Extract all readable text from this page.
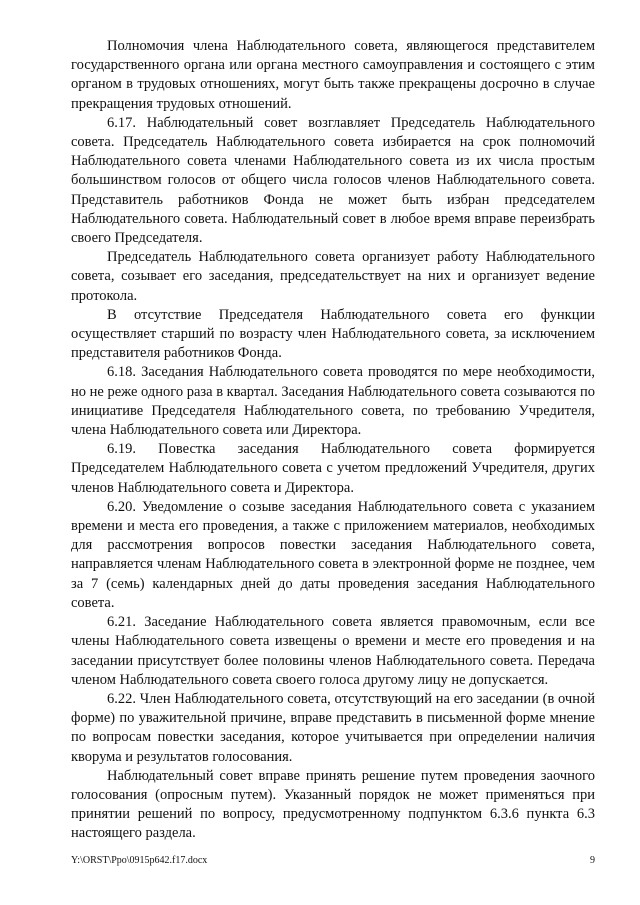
Полномочия члена Наблюдательного совета, являющегося представителем государственного органа или органа местного самоуправления и состоящего с этим органом в трудовых отношениях, могут быть также прекращены досрочно в случае прекращения трудовых отношений.

6.17. Наблюдательный совет возглавляет Председатель Наблюдательного совета. Председатель Наблюдательного совета избирается на срок полномочий Наблюдательного совета членами Наблюдательного совета из их числа простым большинством голосов от общего числа голосов членов Наблюдательного совета. Представитель работников Фонда не может быть избран председателем Наблюдательного совета. Наблюдательный совет в любое время вправе переизбрать своего Председателя.

Председатель Наблюдательного совета организует работу Наблюдательного совета, созывает его заседания, председательствует на них и организует ведение протокола.

В отсутствие Председателя Наблюдательного совета его функции осуществляет старший по возрасту член Наблюдательного совета, за исключением представителя работников Фонда.

6.18. Заседания Наблюдательного совета проводятся по мере необходимости, но не реже одного раза в квартал. Заседания Наблюдательного совета созываются по инициативе Председателя Наблюдательного совета, по требованию Учредителя, члена Наблюдательного совета или Директора.

6.19. Повестка заседания Наблюдательного совета формируется Председателем Наблюдательного совета с учетом предложений Учредителя, других членов Наблюдательного совета и Директора.

6.20. Уведомление о созыве заседания Наблюдательного совета с указанием времени и места его проведения, а также с приложением материалов, необходимых для рассмотрения вопросов повестки заседания Наблюдательного совета, направляется членам Наблюдательного совета в электронной форме не позднее, чем за 7 (семь) календарных дней до даты проведения заседания Наблюдательного совета.

6.21. Заседание Наблюдательного совета является правомочным, если все члены Наблюдательного совета извещены о времени и месте его проведения и на заседании присутствует более половины членов Наблюдательного совета. Передача членом Наблюдательного совета своего голоса другому лицу не допускается.

6.22. Член Наблюдательного совета, отсутствующий на его заседании (в очной форме) по уважительной причине, вправе представить в письменной форме мнение по вопросам повестки заседания, которое учитывается при определении наличия кворума и результатов голосования.

Наблюдательный совет вправе принять решение путем проведения заочного голосования (опросным путем). Указанный порядок не может применяться при принятии решений по вопросу, предусмотренному подпунктом 6.3.6 пункта 6.3 настоящего раздела.

Y:\ORST\Ppo\0915p642.f17.docx	9
